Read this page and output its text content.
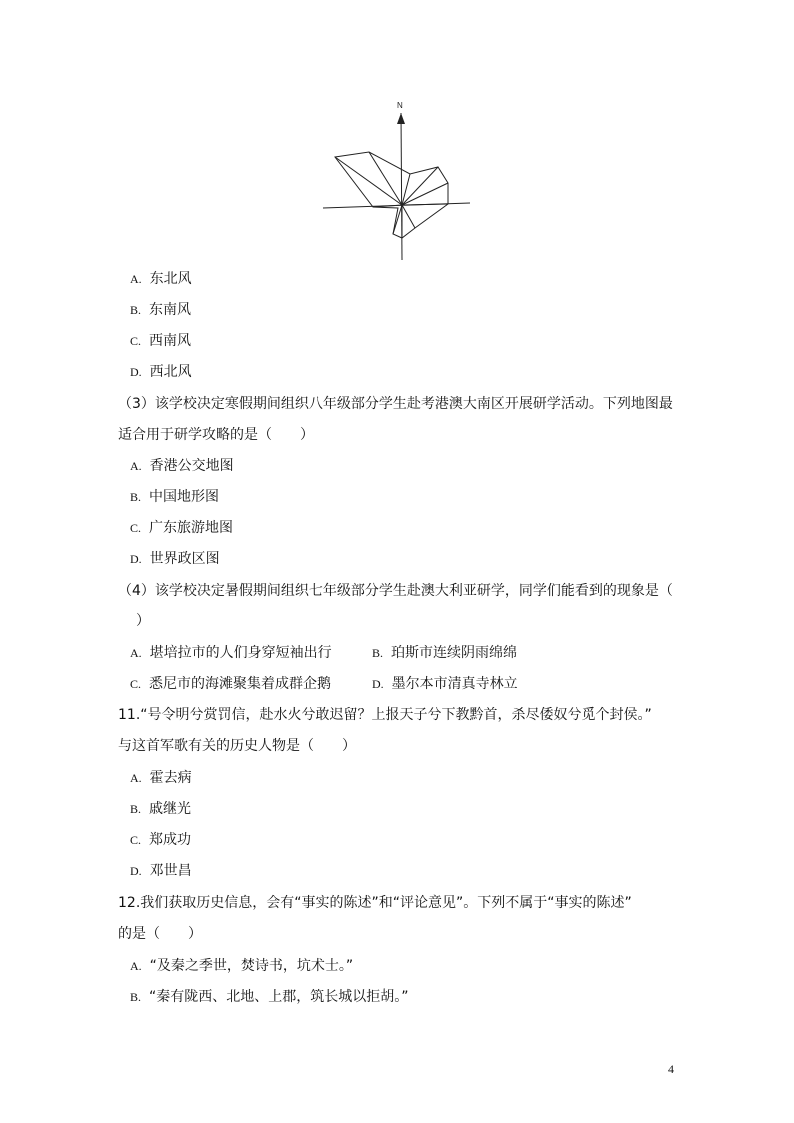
N
A. 东北风
B. 东南风
C. 西南风
D. 西北风
（3）该学校决定寒假期间组织八年级部分学生赴考港澳大南区开展研学活动。下列地图最
适合用于研学攻略的是（　　）
A. 香港公交地图
B. 中国地形图
C. 广东旅游地图
D. 世界政区图
（4）该学校决定暑假期间组织七年级部分学生赴澳大利亚研学，同学们能看到的现象是（
）
A. 堪培拉市的人们身穿短袖出行	B. 珀斯市连续阴雨绵绵
C. 悉尼市的海滩聚集着成群企鹅	D. 墨尔本市清真寺林立
11.“号令明兮赏罚信，赴水火兮敢迟留？上报天子兮下教黔首，杀尽倭奴兮觅个封侯。”
与这首军歌有关的历史人物是（　　）
A. 霍去病
B. 戚继光
C. 郑成功
D. 邓世昌
12.我们获取历史信息，会有“事实的陈述”和“评论意见”。下列不属于“事实的陈述”
的是（　　）
A. “及秦之季世，焚诗书，坑术士。”
B. “秦有陇西、北地、上郡，筑长城以拒胡。”
4
